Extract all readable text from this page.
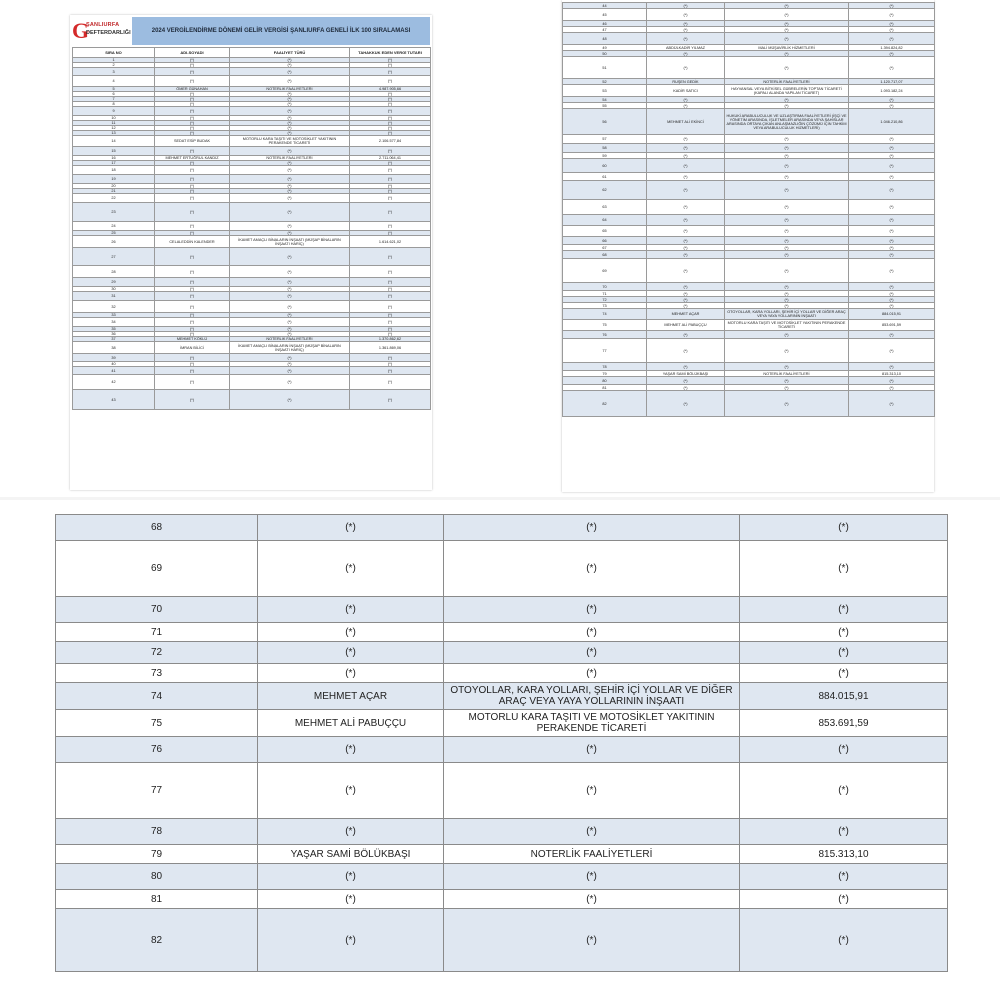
G
ŞANLIURFA
DEFTERDARLIĞI	2024 VERGİLENDİRME DÖNEMİ GELİR VERGİSİ ŞANLIURFA GENELİ İLK 100 SIRALAMASI
SIRA NO	ADI-SOYADI	FAALİYET TÜRÜ	TAHAKKUK EDEN VERGİ TUTARI
1	(*)	(*)	(*)
2	(*)	(*)	(*)
3	(*)	(*)	(*)
4	(*)	(*)	(*)
5	ÖMER GÜNAHAN	NOTERLİK FAALİYETLERİ	4.987.905,66
6	(*)	(*)	(*)
7	(*)	(*)	(*)
8	(*)	(*)	(*)
9	(*)	(*)	(*)
10	(*)	(*)	(*)
11	(*)	(*)	(*)
12	(*)	(*)	(*)
13	(*)	(*)	(*)
14	SEDAT ESİP BUDAK	MOTORLU KARA TAŞITI VE MOTOSİKLET YAKITININ PERAKENDE TİCARETİ	2.106.577,84
15	(*)	(*)	(*)
16	MEHMET ERTUĞRUL KANDIZ	NOTERLİK FAALİYETLERİ	2.711.064,41
17	(*)	(*)	(*)
18	(*)	(*)	(*)
19	(*)	(*)	(*)
20	(*)	(*)	(*)
21	(*)	(*)	(*)
22	(*)	(*)	(*)
23	(*)	(*)	(*)
24	(*)	(*)	(*)
25	(*)	(*)	(*)
26	CELALEDDİN KALENDER	İKAMET AMAÇLI BİNALARIN İNŞAATI (MÜŞAP BİNALARIN İNŞAATI HARİÇ)	1.614.621,02
27	(*)	(*)	(*)
28	(*)	(*)	(*)
29	(*)	(*)	(*)
30	(*)	(*)	(*)
31	(*)	(*)	(*)
32	(*)	(*)	(*)
33	(*)	(*)	(*)
34	(*)	(*)	(*)
35	(*)	(*)	(*)
36	(*)	(*)	(*)
37	MEHMET KÖKLÜ	NOTERLİK FAALİYETLERİ	1.370.862,62
38	İMRAN BİLİCİ	İKAMET AMAÇLI BİNALARIN İNŞAATI (MÜŞAP BİNALARIN İNŞAATI HARİÇ)	1.361.869,06
39	(*)	(*)	(*)
40	(*)	(*)	(*)
41	(*)	(*)	(*)
42	(*)	(*)	(*)
43	(*)	(*)	(*)
44	(*)	(*)	(*)
45	(*)	(*)	(*)
46	(*)	(*)	(*)
47	(*)	(*)	(*)
48	(*)	(*)	(*)
49	ABDÜLKADİR YILMAZ	MALİ MÜŞAVİRLİK HİZMETLERİ	1.394.824,82
50	(*)	(*)	(*)
51	(*)	(*)	(*)
52	RUŞEN GEDİK	NOTERLİK FAALİYETLERİ	1.120.717,07
53	KADİR SATICI	HAYVANSAL VEYA BİTKİSEL GÜBRELERİN TOPTAN TİCARETİ (KAPALI ALANDA YAPILAN TİCARET)	1.093.182,24
54	(*)	(*)	(*)
55	(*)	(*)	(*)
56	MEHMET ALİ EKİNCİ	HUKUKİ ARABULUCULUK VE UZLAŞTIRMA FAALİYETLERİ (İŞÇİ VE YÖNETİM ARASINDA, İŞLETMELER ARASINDA VEYA ŞAHISLAR ARASINDA ORTAYA ÇIKAN ANLAŞMAZLIĞIN ÇÖZÜMÜ İÇİN TAHKİM VEYA ARABULUCULUK HİZMETLERİ)	1.046.210,86
57	(*)	(*)	(*)
58	(*)	(*)	(*)
59	(*)	(*)	(*)
60	(*)	(*)	(*)
61	(*)	(*)	(*)
62	(*)	(*)	(*)
63	(*)	(*)	(*)
64	(*)	(*)	(*)
65	(*)	(*)	(*)
66	(*)	(*)	(*)
67	(*)	(*)	(*)
68	(*)	(*)	(*)
69	(*)	(*)	(*)
70	(*)	(*)	(*)
71	(*)	(*)	(*)
72	(*)	(*)	(*)
73	(*)	(*)	(*)
74	MEHMET AÇAR	OTOYOLLAR, KARA YOLLARI, ŞEHİR İÇİ YOLLAR VE DİĞER ARAÇ VEYA YAYA YOLLARININ İNŞAATI	884.015,91
75	MEHMET ALİ PABUÇÇU	MOTORLU KARA TAŞITI VE MOTOSİKLET YAKITININ PERAKENDE TİCARETİ	853.691,59
76	(*)	(*)	(*)
77	(*)	(*)	(*)
78	(*)	(*)	(*)
79	YAŞAR SAMİ BÖLÜKBAŞI	NOTERLİK FAALİYETLERİ	815.313,10
80	(*)	(*)	(*)
81	(*)	(*)	(*)
82	(*)	(*)	(*)
68	(*)	(*)	(*)
69	(*)	(*)	(*)
70	(*)	(*)	(*)
71	(*)	(*)	(*)
72	(*)	(*)	(*)
73	(*)	(*)	(*)
74	MEHMET AÇAR	OTOYOLLAR, KARA YOLLARI, ŞEHİR İÇİ YOLLAR VE DİĞER ARAÇ VEYA YAYA YOLLARININ İNŞAATI	884.015,91
75	MEHMET ALİ PABUÇÇU	MOTORLU KARA TAŞITI VE MOTOSİKLET YAKITININ PERAKENDE TİCARETİ	853.691,59
76	(*)	(*)	(*)
77	(*)	(*)	(*)
78	(*)	(*)	(*)
79	YAŞAR SAMİ BÖLÜKBAŞI	NOTERLİK FAALİYETLERİ	815.313,10
80	(*)	(*)	(*)
81	(*)	(*)	(*)
82	(*)	(*)	(*)
